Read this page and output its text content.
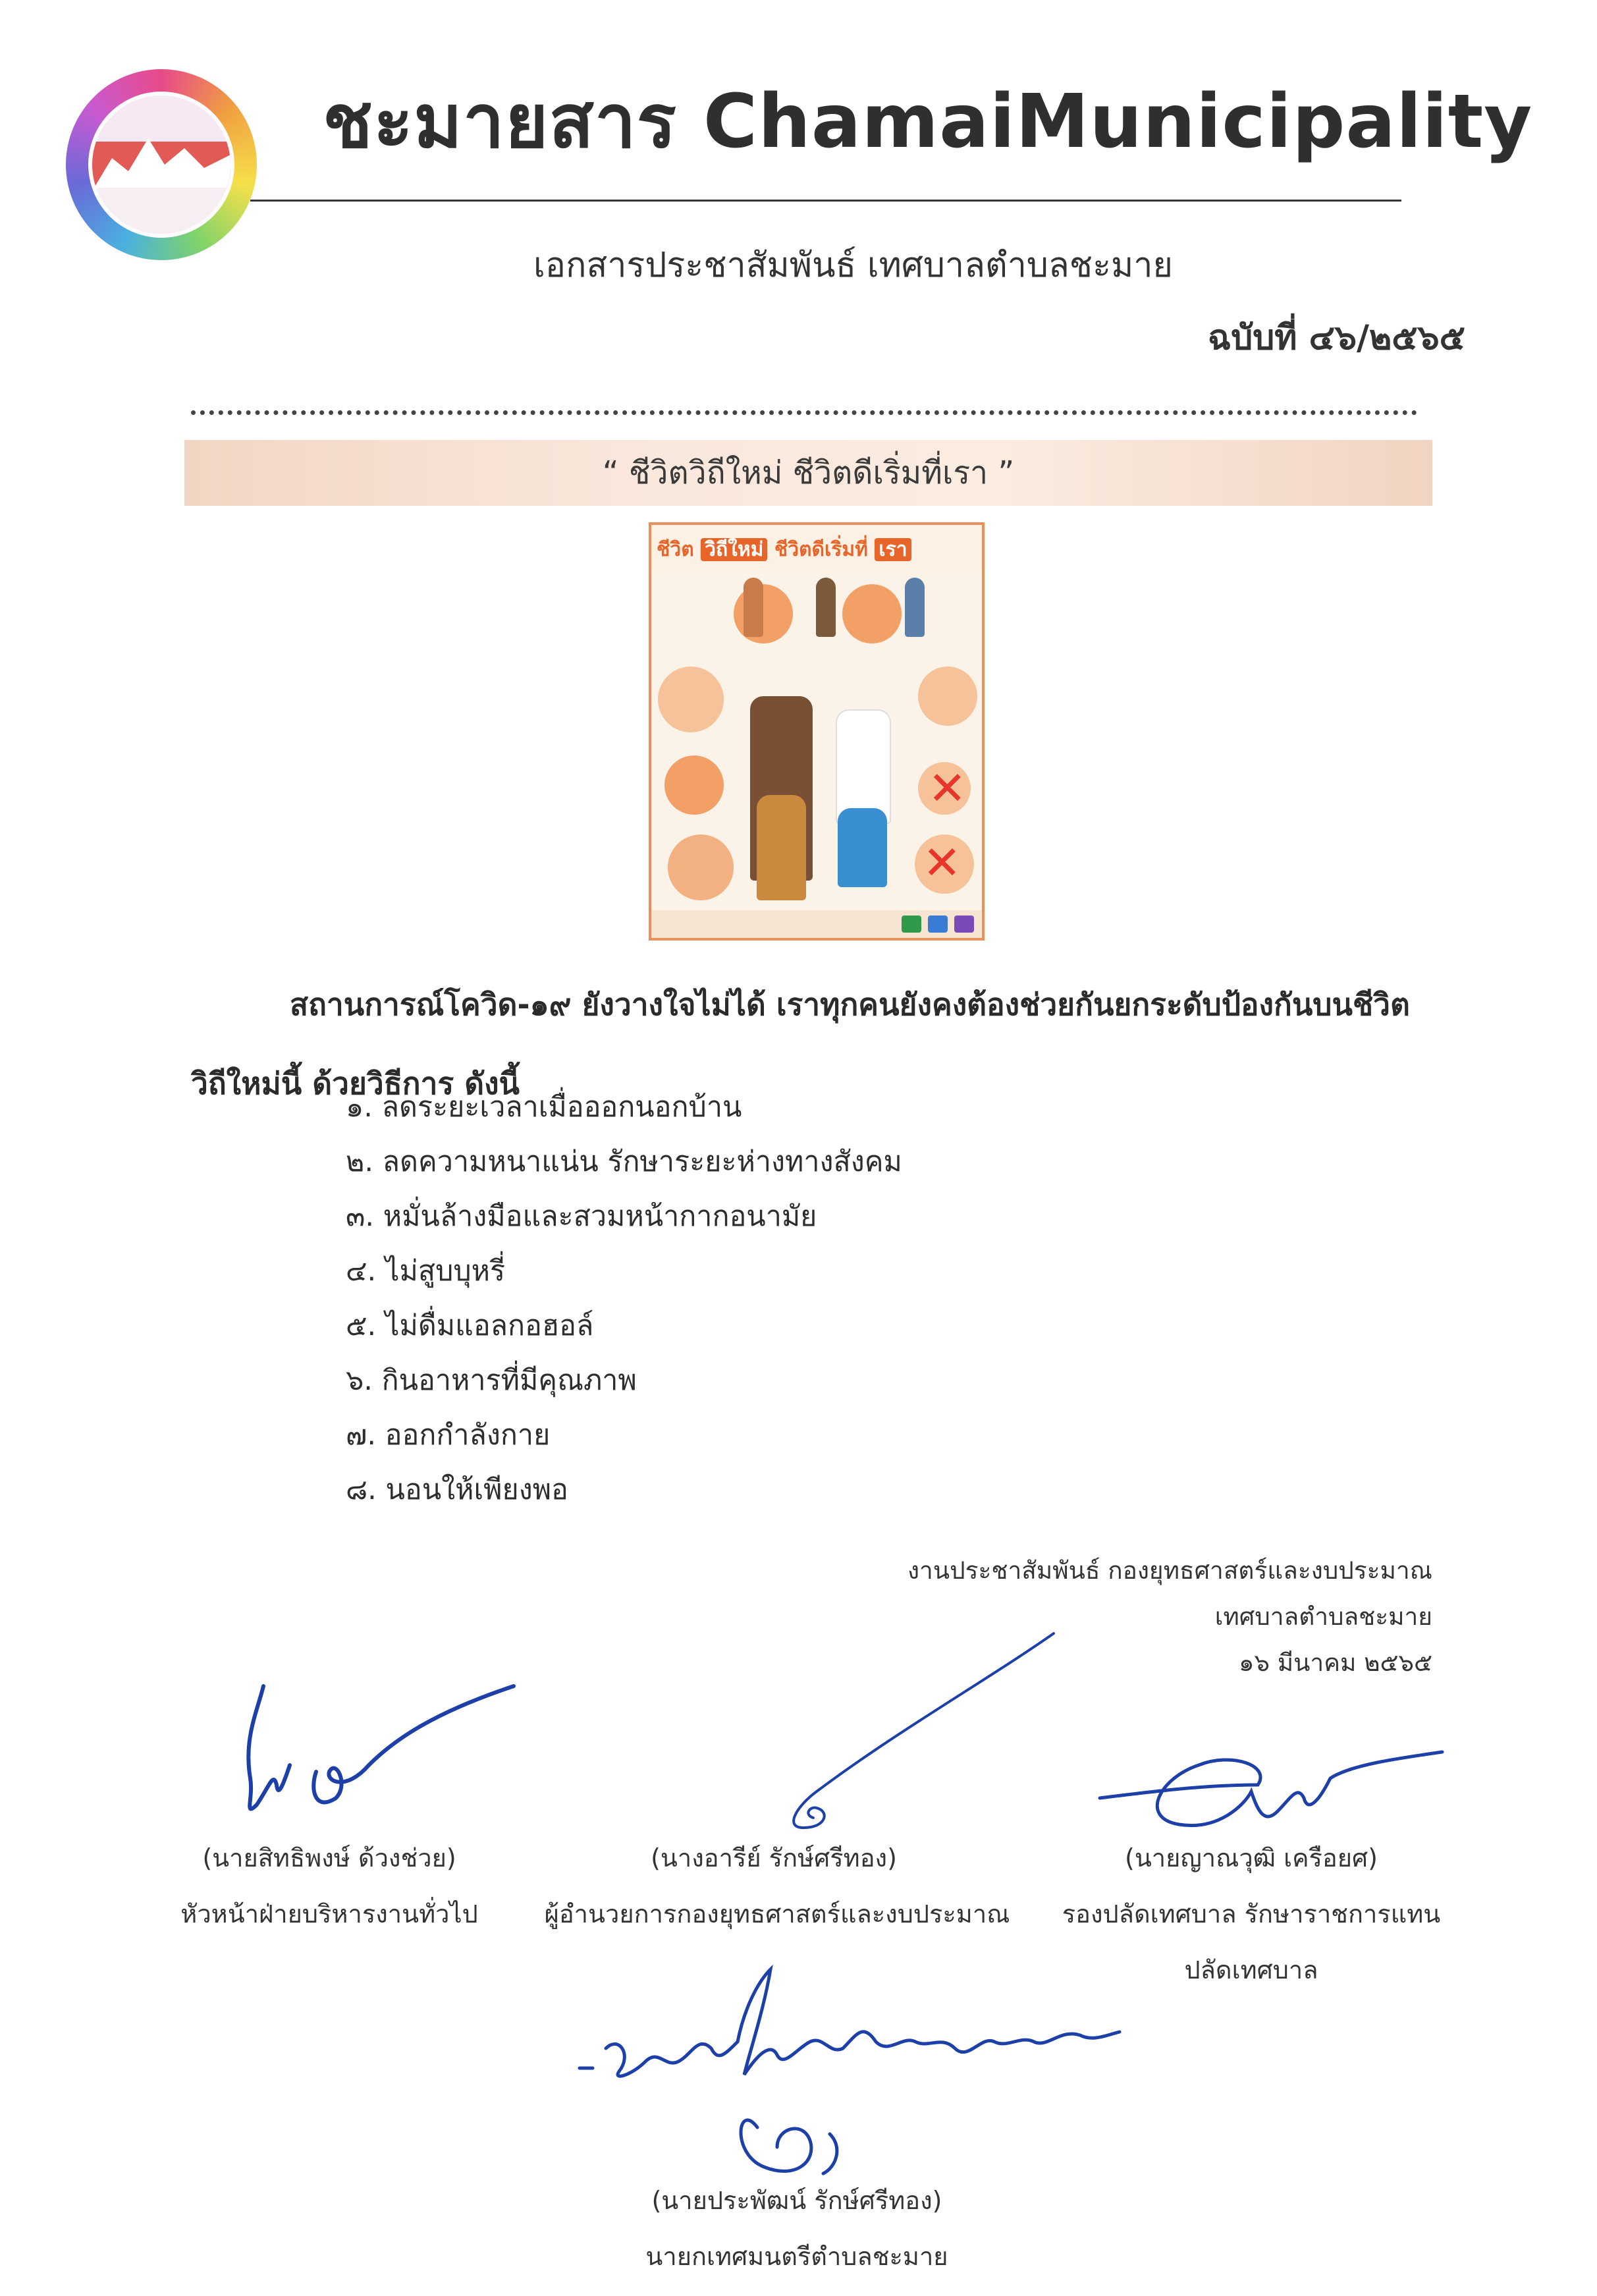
ชะมายสาร ChamaiMunicipality
เอกสารประชาสัมพันธ์ เทศบาลตำบลชะมาย
ฉบับที่ ๔๖/๒๕๖๕
“ ชีวิตวิถีใหม่ ชีวิตดีเริ่มที่เรา ”
ชีวิต วิถีใหม่ ชีวิตดีเริ่มที่ เรา
✕
✕
สถานการณ์โควิด-๑๙ ยังวางใจไม่ได้ เราทุกคนยังคงต้องช่วยกันยกระดับป้องกันบนชีวิตวิถีใหม่นี้ ด้วยวิธีการ ดังนี้
๑. ลดระยะเวลาเมื่อออกนอกบ้าน
๒. ลดความหนาแน่น รักษาระยะห่างทางสังคม
๓. หมั่นล้างมือและสวมหน้ากากอนามัย
๔. ไม่สูบบุหรี่
๕. ไม่ดื่มแอลกอฮอล์
๖. กินอาหารที่มีคุณภาพ
๗. ออกกำลังกาย
๘. นอนให้เพียงพอ
งานประชาสัมพันธ์ กองยุทธศาสตร์และงบประมาณ
เทศบาลตำบลชะมาย
๑๖ มีนาคม ๒๕๖๕
(นายสิทธิพงษ์ ด้วงช่วย)
หัวหน้าฝ่ายบริหารงานทั่วไป
(นางอารีย์ รักษ์ศรีทอง)
ผู้อำนวยการกองยุทธศาสตร์และงบประมาณ
(นายญาณวุฒิ เครือยศ)
รองปลัดเทศบาล รักษาราชการแทน
ปลัดเทศบาล
(นายประพัฒน์ รักษ์ศรีทอง)
นายกเทศมนตรีตำบลชะมาย
